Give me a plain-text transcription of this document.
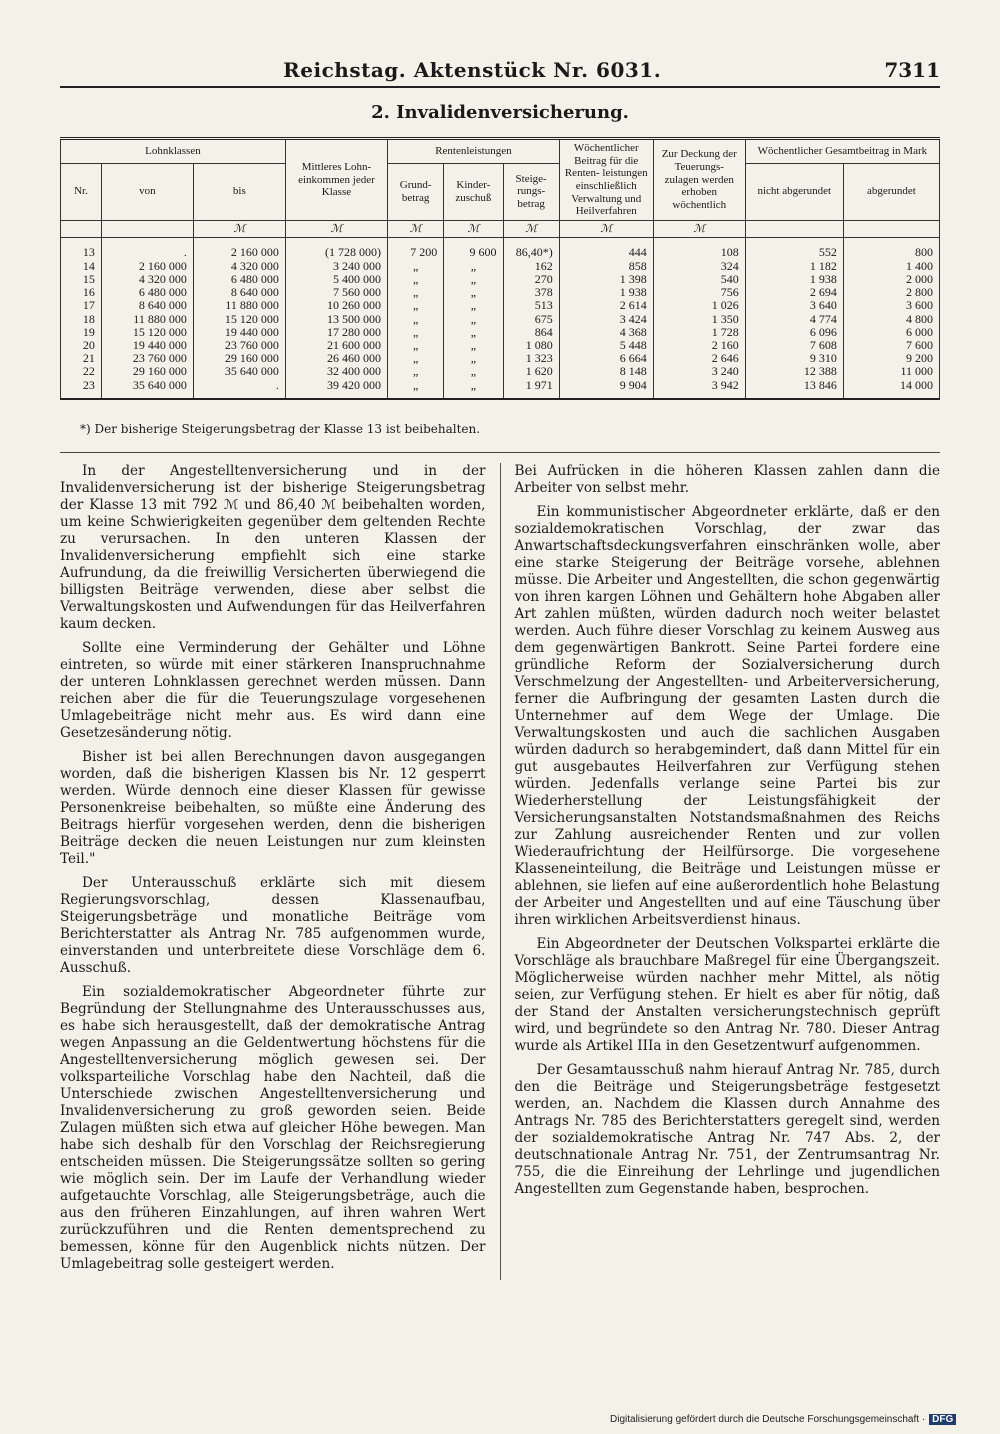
Reichstag. Aktenstück Nr. 6031.	7311
2. Invalidenversicherung.
Lohnklassen			Mittleres Lohn- einkommen jeder Klasse	Rentenleistungen			Wöchentlicher Beitrag für die Renten- leistungen einschließlich Verwaltung und Heilverfahren	Zur Deckung der Teuerungs- zulagen werden erhoben wöchentlich	Wöchentlicher Gesamtbeitrag in Mark	
Nr.	von	bis		Grund- betrag	Kinder- zuschuß	Steige- rungs- betrag			nicht abgerundet	abgerundet
		ℳ	ℳ	ℳ	ℳ	ℳ	ℳ	ℳ		
13	.	2 160 000	(1 728 000)	7 200	9 600	86,40*)	444	108	552	800
14	2 160 000	4 320 000	3 240 000	„	„	162	858	324	1 182	1 400
15	4 320 000	6 480 000	5 400 000	„	„	270	1 398	540	1 938	2 000
16	6 480 000	8 640 000	7 560 000	„	„	378	1 938	756	2 694	2 800
17	8 640 000	11 880 000	10 260 000	„	„	513	2 614	1 026	3 640	3 600
18	11 880 000	15 120 000	13 500 000	„	„	675	3 424	1 350	4 774	4 800
19	15 120 000	19 440 000	17 280 000	„	„	864	4 368	1 728	6 096	6 000
20	19 440 000	23 760 000	21 600 000	„	„	1 080	5 448	2 160	7 608	7 600
21	23 760 000	29 160 000	26 460 000	„	„	1 323	6 664	2 646	9 310	9 200
22	29 160 000	35 640 000	32 400 000	„	„	1 620	8 148	3 240	12 388	11 000
23	35 640 000	.	39 420 000	„	„	1 971	9 904	3 942	13 846	14 000
*) Der bisherige Steigerungsbetrag der Klasse 13 ist beibehalten.

In der Angestelltenversicherung und in der Invalidenversicherung ist der bisherige Steigerungsbetrag der Klasse 13 mit 792 ℳ und 86,40 ℳ beibehalten worden, um keine Schwierigkeiten gegenüber dem geltenden Rechte zu verursachen. In den unteren Klassen der Invalidenversicherung empfiehlt sich eine starke Aufrundung, da die freiwillig Versicherten überwiegend die billigsten Beiträge verwenden, diese aber selbst die Verwaltungskosten und Aufwendungen für das Heilverfahren kaum decken.

Sollte eine Verminderung der Gehälter und Löhne eintreten, so würde mit einer stärkeren Inanspruchnahme der unteren Lohnklassen gerechnet werden müssen. Dann reichen aber die für die Teuerungszulage vorgesehenen Umlagebeiträge nicht mehr aus. Es wird dann eine Gesetzesänderung nötig.

Bisher ist bei allen Berechnungen davon ausgegangen worden, daß die bisherigen Klassen bis Nr. 12 gesperrt werden. Würde dennoch eine dieser Klassen für gewisse Personenkreise beibehalten, so müßte eine Änderung des Beitrags hierfür vorgesehen werden, denn die bisherigen Beiträge decken die neuen Leistungen nur zum kleinsten Teil."

Der Unterausschuß erklärte sich mit diesem Regierungsvorschlag, dessen Klassenaufbau, Steigerungsbeträge und monatliche Beiträge vom Berichterstatter als Antrag Nr. 785 aufgenommen wurde, einverstanden und unterbreitete diese Vorschläge dem 6. Ausschuß.

Ein sozialdemokratischer Abgeordneter führte zur Begründung der Stellungnahme des Unterausschusses aus, es habe sich herausgestellt, daß der demokratische Antrag wegen Anpassung an die Geldentwertung höchstens für die Angestelltenversicherung möglich gewesen sei. Der volksparteiliche Vorschlag habe den Nachteil, daß die Unterschiede zwischen Angestelltenversicherung und Invalidenversicherung zu groß geworden seien. Beide Zulagen müßten sich etwa auf gleicher Höhe bewegen. Man habe sich deshalb für den Vorschlag der Reichsregierung entscheiden müssen. Die Steigerungssätze sollten so gering wie möglich sein. Der im Laufe der Verhandlung wieder aufgetauchte Vorschlag, alle Steigerungsbeträge, auch die aus den früheren Einzahlungen, auf ihren wahren Wert zurückzuführen und die Renten dementsprechend zu bemessen, könne für den Augenblick nichts nützen. Der Umlagebeitrag solle gesteigert werden.

Bei Aufrücken in die höheren Klassen zahlen dann die Arbeiter von selbst mehr.

Ein kommunistischer Abgeordneter erklärte, daß er den sozialdemokratischen Vorschlag, der zwar das Anwartschaftsdeckungsverfahren einschränken wolle, aber eine starke Steigerung der Beiträge vorsehe, ablehnen müsse. Die Arbeiter und Angestellten, die schon gegenwärtig von ihren kargen Löhnen und Gehältern hohe Abgaben aller Art zahlen müßten, würden dadurch noch weiter belastet werden. Auch führe dieser Vorschlag zu keinem Ausweg aus dem gegenwärtigen Bankrott. Seine Partei fordere eine gründliche Reform der Sozialversicherung durch Verschmelzung der Angestellten- und Arbeiterversicherung, ferner die Aufbringung der gesamten Lasten durch die Unternehmer auf dem Wege der Umlage. Die Verwaltungskosten und auch die sachlichen Ausgaben würden dadurch so herabgemindert, daß dann Mittel für ein gut ausgebautes Heilverfahren zur Verfügung stehen würden. Jedenfalls verlange seine Partei bis zur Wiederherstellung der Leistungsfähigkeit der Versicherungsanstalten Notstandsmaßnahmen des Reichs zur Zahlung ausreichender Renten und zur vollen Wiederaufrichtung der Heilfürsorge. Die vorgesehene Klasseneinteilung, die Beiträge und Leistungen müsse er ablehnen, sie liefen auf eine außerordentlich hohe Belastung der Arbeiter und Angestellten und auf eine Täuschung über ihren wirklichen Arbeitsverdienst hinaus.

Ein Abgeordneter der Deutschen Volkspartei erklärte die Vorschläge als brauchbare Maßregel für eine Übergangszeit. Möglicherweise würden nachher mehr Mittel, als nötig seien, zur Verfügung stehen. Er hielt es aber für nötig, daß der Stand der Anstalten versicherungstechnisch geprüft wird, und begründete so den Antrag Nr. 780. Dieser Antrag wurde als Artikel IIIa in den Gesetzentwurf aufgenommen.

Der Gesamtausschuß nahm hierauf Antrag Nr. 785, durch den die Beiträge und Steigerungsbeträge festgesetzt werden, an. Nachdem die Klassen durch Annahme des Antrags Nr. 785 des Berichterstatters geregelt sind, werden der sozialdemokratische Antrag Nr. 747 Abs. 2, der deutschnationale Antrag Nr. 751, der Zentrumsantrag Nr. 755, die die Einreihung der Lehrlinge und jugendlichen Angestellten zum Gegenstande haben, besprochen.

Digitalisierung gefördert durch die Deutsche Forschungsgemeinschaft · DFG
